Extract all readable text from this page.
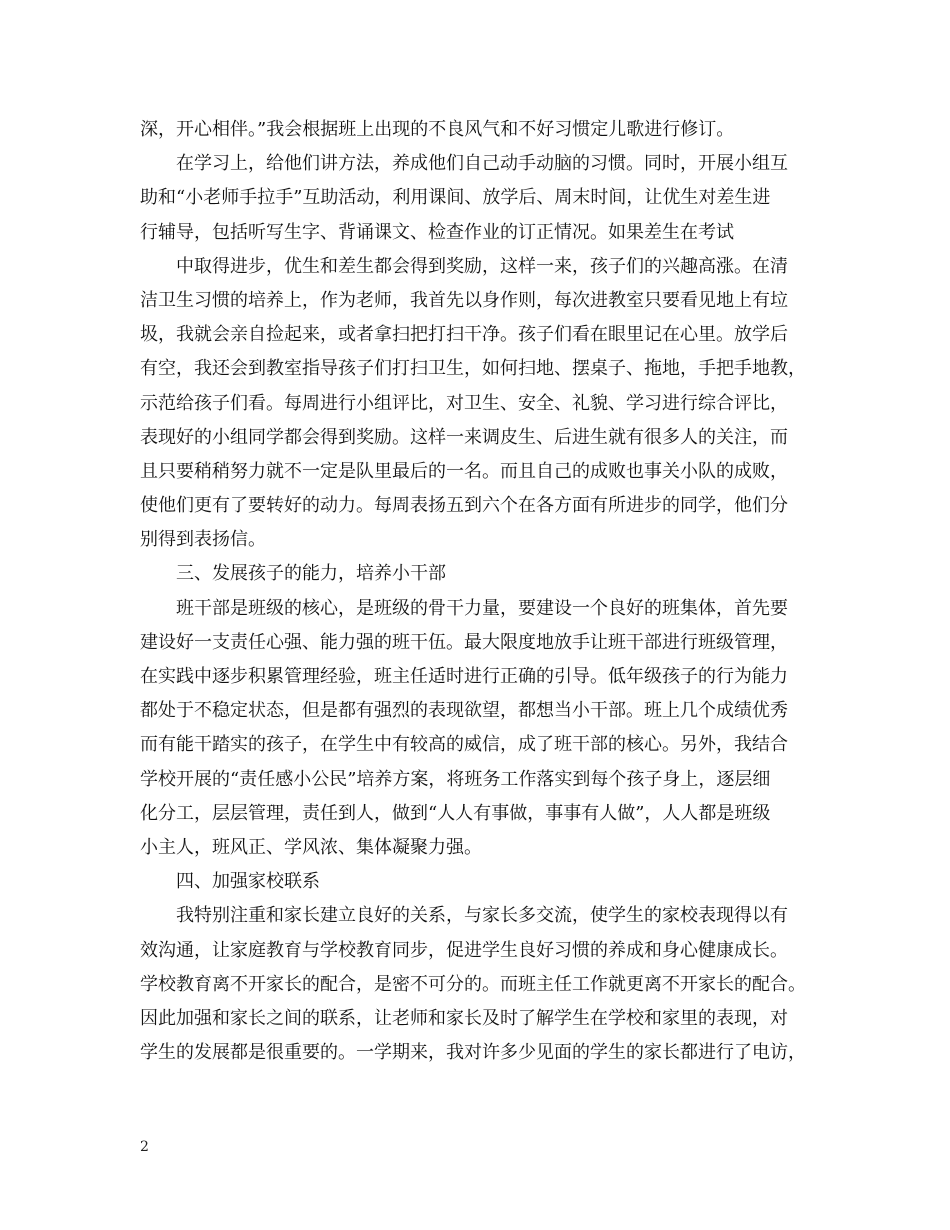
深，开心相伴。”我会根据班上出现的不良风气和不好习惯定儿歌进行修订。
在学习上，给他们讲方法，养成他们自己动手动脑的习惯。同时，开展小组互
助和“小老师手拉手”互助活动，利用课间、放学后、周末时间，让优生对差生进
行辅导，包括听写生字、背诵课文、检查作业的订正情况。如果差生在考试
中取得进步，优生和差生都会得到奖励，这样一来，孩子们的兴趣高涨。在清
洁卫生习惯的培养上，作为老师，我首先以身作则，每次进教室只要看见地上有垃
圾，我就会亲自捡起来，或者拿扫把打扫干净。孩子们看在眼里记在心里。放学后
有空，我还会到教室指导孩子们打扫卫生，如何扫地、摆桌子、拖地，手把手地教，
示范给孩子们看。每周进行小组评比，对卫生、安全、礼貌、学习进行综合评比，
表现好的小组同学都会得到奖励。这样一来调皮生、后进生就有很多人的关注，而
且只要稍稍努力就不一定是队里最后的一名。而且自己的成败也事关小队的成败，
使他们更有了要转好的动力。每周表扬五到六个在各方面有所进步的同学，他们分
别得到表扬信。
三、发展孩子的能力，培养小干部
班干部是班级的核心，是班级的骨干力量，要建设一个良好的班集体，首先要
建设好一支责任心强、能力强的班干伍。最大限度地放手让班干部进行班级管理，
在实践中逐步积累管理经验，班主任适时进行正确的引导。低年级孩子的行为能力
都处于不稳定状态，但是都有强烈的表现欲望，都想当小干部。班上几个成绩优秀
而有能干踏实的孩子，在学生中有较高的威信，成了班干部的核心。另外，我结合
学校开展的“责任感小公民”培养方案，将班务工作落实到每个孩子身上，逐层细
化分工，层层管理，责任到人，做到“人人有事做，事事有人做”，人人都是班级
小主人，班风正、学风浓、集体凝聚力强。
四、加强家校联系
我特别注重和家长建立良好的关系，与家长多交流，使学生的家校表现得以有
效沟通，让家庭教育与学校教育同步，促进学生良好习惯的养成和身心健康成长。
学校教育离不开家长的配合，是密不可分的。而班主任工作就更离不开家长的配合。
因此加强和家长之间的联系，让老师和家长及时了解学生在学校和家里的表现，对
学生的发展都是很重要的。一学期来，我对许多少见面的学生的家长都进行了电访，
2
